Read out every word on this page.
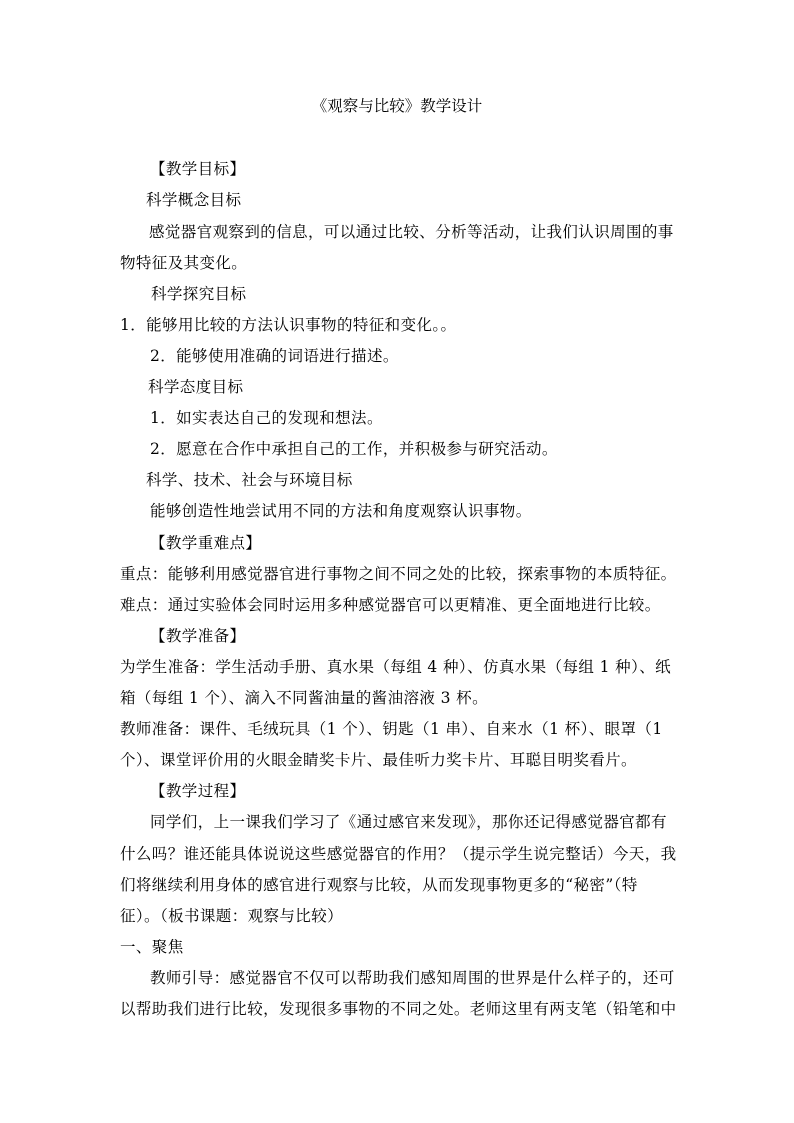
《观察与比较》教学设计
【教学目标】
科学概念目标
感觉器官观察到的信息，可以通过比较、分析等活动，让我们认识周围的事
物特征及其变化。
科学探究目标
1．能够用比较的方法认识事物的特征和变化。。
2．能够使用准确的词语进行描述。
科学态度目标
1．如实表达自己的发现和想法。
2．愿意在合作中承担自己的工作，并积极参与研究活动。
科学、技术、社会与环境目标
能够创造性地尝试用不同的方法和角度观察认识事物。
【教学重难点】
重点：能够利用感觉器官进行事物之间不同之处的比较，探索事物的本质特征。
难点：通过实验体会同时运用多种感觉器官可以更精准、更全面地进行比较。
【教学准备】
为学生准备：学生活动手册、真水果（每组 4 种）、仿真水果（每组 1 种）、纸
箱（每组 1 个）、滴入不同酱油量的酱油溶液 3 杯。
教师准备：课件、毛绒玩具（1 个）、钥匙（1 串）、自来水（1 杯）、眼罩（1
个）、课堂评价用的火眼金睛奖卡片、最佳听力奖卡片、耳聪目明奖看片。
【教学过程】
同学们，上一课我们学习了《通过感官来发现》，那你还记得感觉器官都有
什么吗？谁还能具体说说这些感觉器官的作用？（提示学生说完整话）今天，我
们将继续利用身体的感官进行观察与比较，从而发现事物更多的“秘密”（特
征）。（板书课题：观察与比较）
一、聚焦
教师引导：感觉器官不仅可以帮助我们感知周围的世界是什么样子的，还可
以帮助我们进行比较，发现很多事物的不同之处。老师这里有两支笔（铅笔和中
